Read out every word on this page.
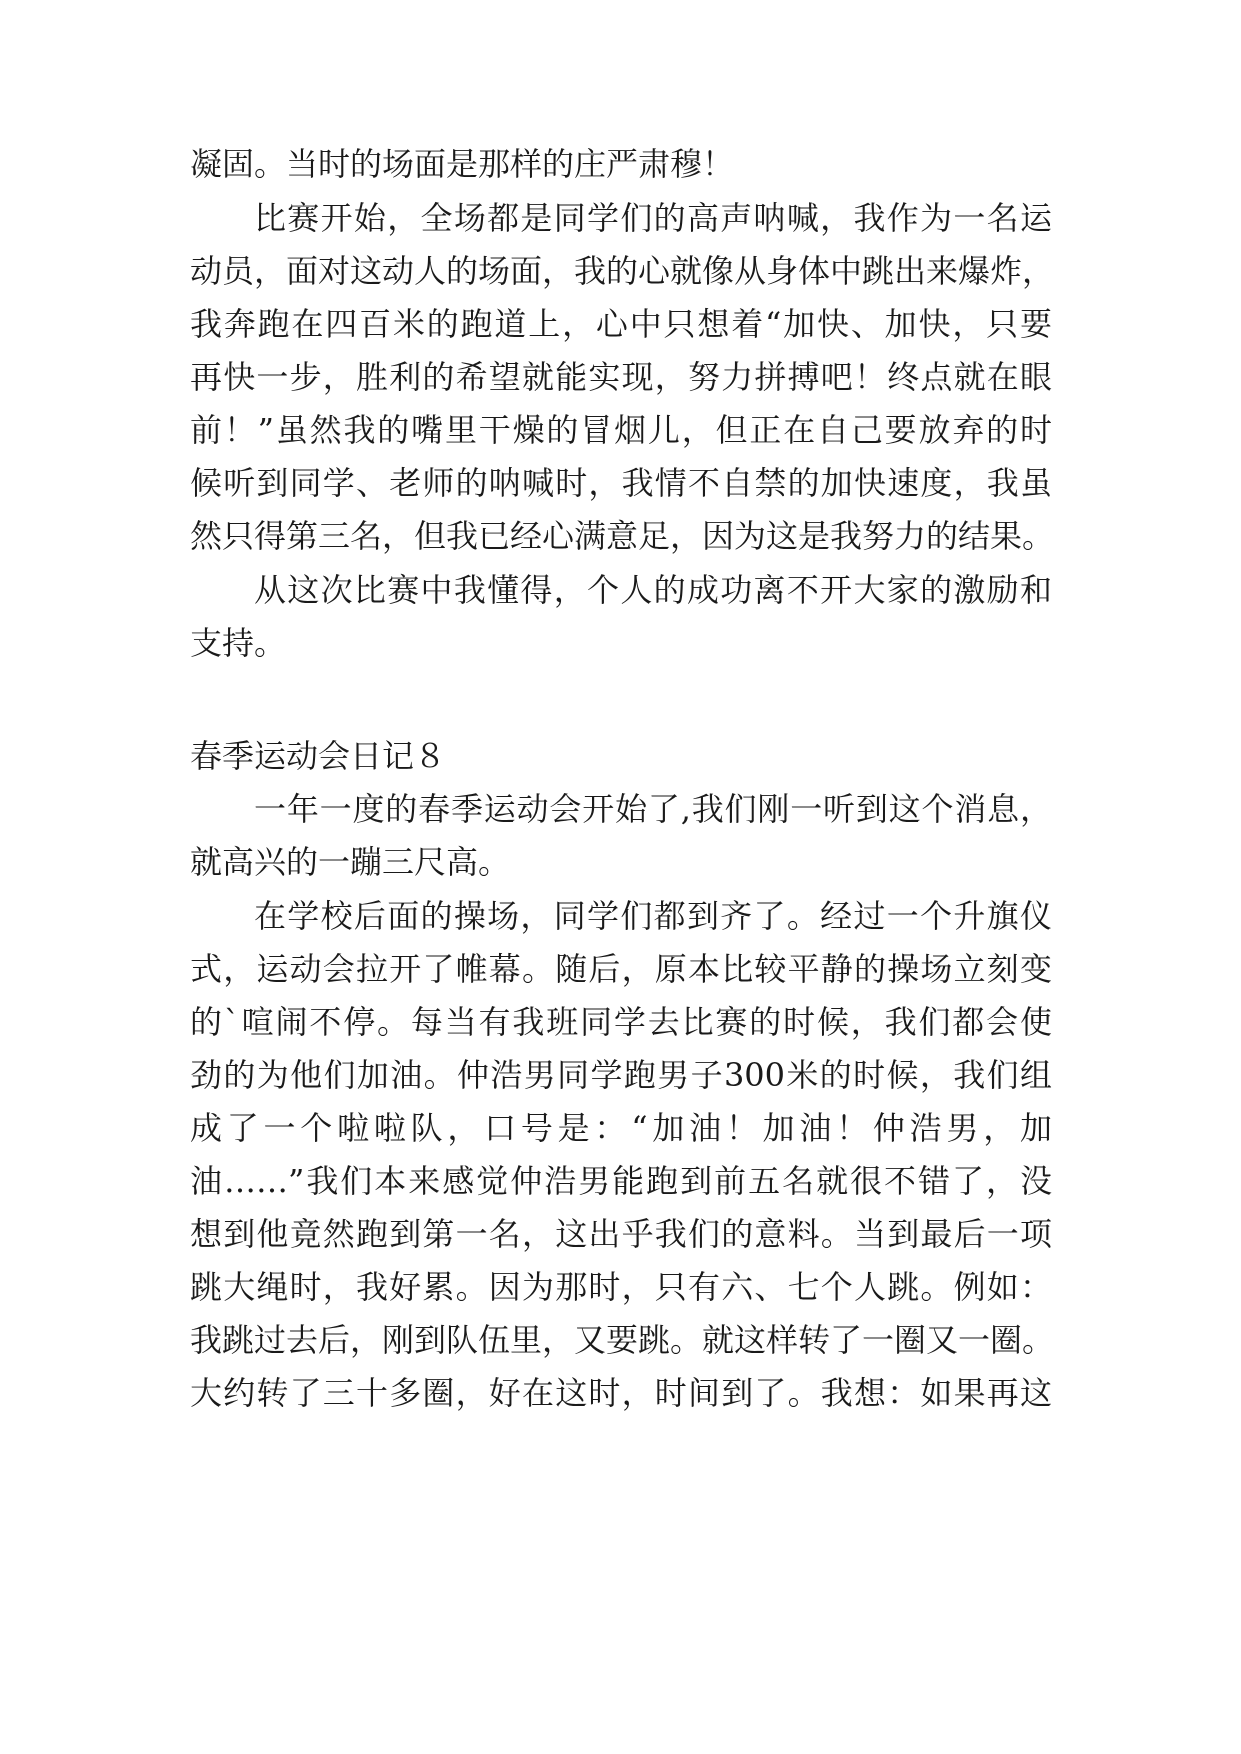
凝固。当时的场面是那样的庄严肃穆！
比赛开始，全场都是同学们的高声呐喊，我作为一名运
动员，面对这动人的场面，我的心就像从身体中跳出来爆炸，
我奔跑在四百米的跑道上，心中只想着“加快、加快，只要
再快一步，胜利的希望就能实现，努力拼搏吧！终点就在眼
前！”虽然我的嘴里干燥的冒烟儿，但正在自己要放弃的时
候听到同学、老师的呐喊时，我情不自禁的加快速度，我虽
然只得第三名，但我已经心满意足，因为这是我努力的结果。
从这次比赛中我懂得，个人的成功离不开大家的激励和
支持。
春季运动会日记８
一年一度的春季运动会开始了,我们刚一听到这个消息，
就高兴的一蹦三尺高。
在学校后面的操场，同学们都到齐了。经过一个升旗仪
式，运动会拉开了帷幕。随后，原本比较平静的操场立刻变
的`喧闹不停。每当有我班同学去比赛的时候，我们都会使
劲的为他们加油。仲浩男同学跑男子300米的时候，我们组
成了一个啦啦队，口号是：“加油！加油！仲浩男，加
油……”我们本来感觉仲浩男能跑到前五名就很不错了，没
想到他竟然跑到第一名，这出乎我们的意料。当到最后一项
跳大绳时，我好累。因为那时，只有六、七个人跳。例如：
我跳过去后，刚到队伍里，又要跳。就这样转了一圈又一圈。
大约转了三十多圈，好在这时，时间到了。我想：如果再这
